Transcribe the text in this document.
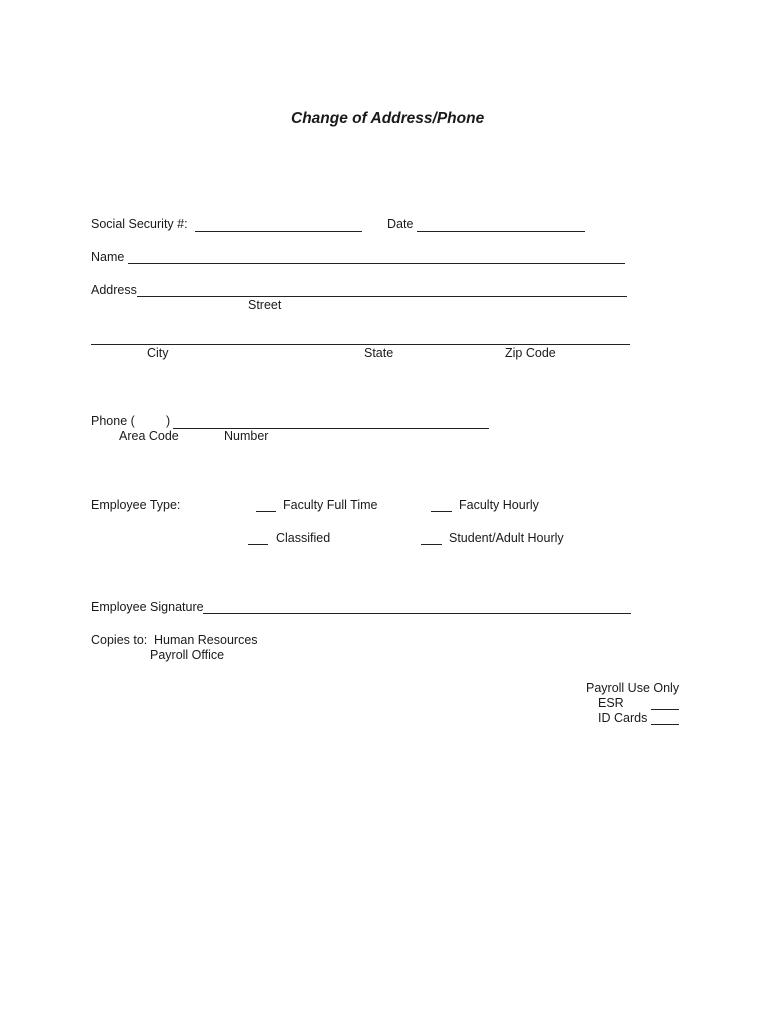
Change of Address/Phone
Social Security #:	Date
Name
Address
Street
City	State	Zip Code
Phone ( )
Area Code	Number
Employee Type:	Faculty Full Time	Faculty Hourly
Classified	Student/Adult Hourly
Employee Signature
Copies to: Human Resources
Payroll Office
Payroll Use Only
ESR
ID Cards
